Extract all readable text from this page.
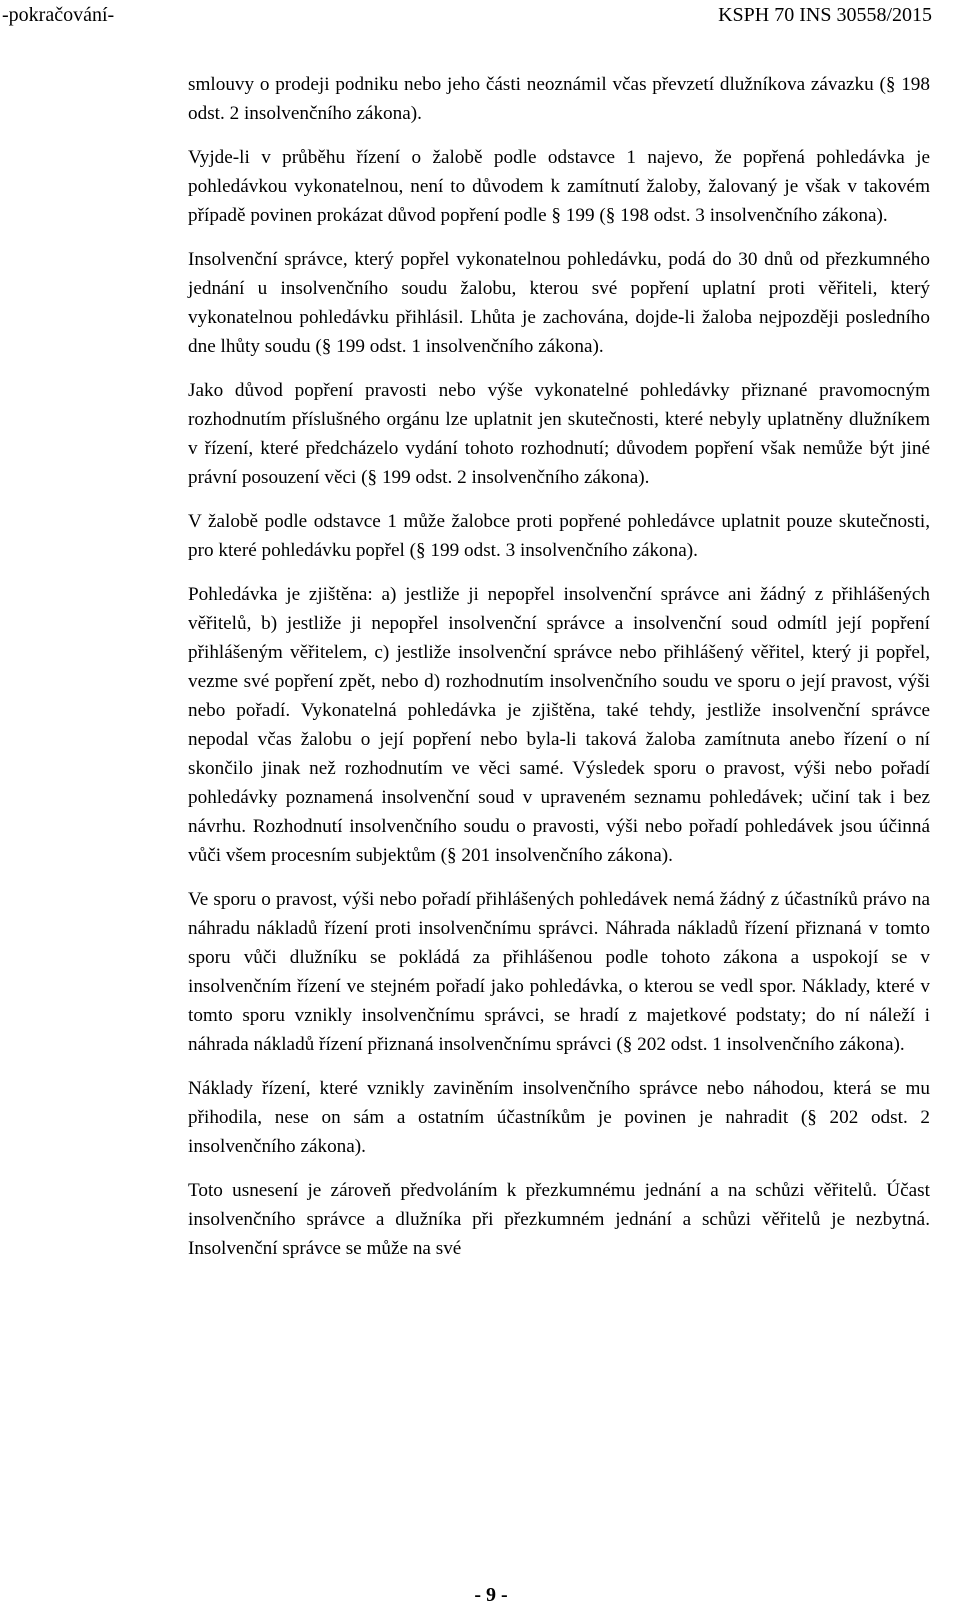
-pokračování-	KSPH 70 INS 30558/2015

smlouvy o prodeji podniku nebo jeho části neoznámil včas převzetí dlužníkova závazku (§ 198 odst. 2 insolvenčního zákona).

Vyjde-li v průběhu řízení o žalobě podle odstavce 1 najevo, že popřená pohledávka je pohledávkou vykonatelnou, není to důvodem k zamítnutí žaloby, žalovaný je však v takovém případě povinen prokázat důvod popření podle § 199 (§ 198 odst. 3 insolvenčního zákona).

Insolvenční správce, který popřel vykonatelnou pohledávku, podá do 30 dnů od přezkumného jednání u insolvenčního soudu žalobu, kterou své popření uplatní proti věřiteli, který vykonatelnou pohledávku přihlásil. Lhůta je zachována, dojde-li žaloba nejpozději posledního dne lhůty soudu (§ 199 odst. 1 insolvenčního zákona).

Jako důvod popření pravosti nebo výše vykonatelné pohledávky přiznané pravomocným rozhodnutím příslušného orgánu lze uplatnit jen skutečnosti, které nebyly uplatněny dlužníkem v řízení, které předcházelo vydání tohoto rozhodnutí; důvodem popření však nemůže být jiné právní posouzení věci (§ 199 odst. 2 insolvenčního zákona).

V žalobě podle odstavce 1 může žalobce proti popřené pohledávce uplatnit pouze skutečnosti, pro které pohledávku popřel (§ 199 odst. 3 insolvenčního zákona).

Pohledávka je zjištěna: a) jestliže ji nepopřel insolvenční správce ani žádný z přihlášených věřitelů, b) jestliže ji nepopřel insolvenční správce a insolvenční soud odmítl její popření přihlášeným věřitelem, c) jestliže insolvenční správce nebo přihlášený věřitel, který ji popřel, vezme své popření zpět, nebo d) rozhodnutím insolvenčního soudu ve sporu o její pravost, výši nebo pořadí. Vykonatelná pohledávka je zjištěna, také tehdy, jestliže insolvenční správce nepodal včas žalobu o její popření nebo byla-li taková žaloba zamítnuta anebo řízení o ní skončilo jinak než rozhodnutím ve věci samé. Výsledek sporu o pravost, výši nebo pořadí pohledávky poznamená insolvenční soud v upraveném seznamu pohledávek; učiní tak i bez návrhu. Rozhodnutí insolvenčního soudu o pravosti, výši nebo pořadí pohledávek jsou účinná vůči všem procesním subjektům (§ 201 insolvenčního zákona).

Ve sporu o pravost, výši nebo pořadí přihlášených pohledávek nemá žádný z účastníků právo na náhradu nákladů řízení proti insolvenčnímu správci. Náhrada nákladů řízení přiznaná v tomto sporu vůči dlužníku se pokládá za přihlášenou podle tohoto zákona a uspokojí se v insolvenčním řízení ve stejném pořadí jako pohledávka, o kterou se vedl spor. Náklady, které v tomto sporu vznikly insolvenčnímu správci, se hradí z majetkové podstaty; do ní náleží i náhrada nákladů řízení přiznaná insolvenčnímu správci (§ 202 odst. 1 insolvenčního zákona).

Náklady řízení, které vznikly zaviněním insolvenčního správce nebo náhodou, která se mu přihodila, nese on sám a ostatním účastníkům je povinen je nahradit (§ 202 odst. 2 insolvenčního zákona).

Toto usnesení je zároveň předvoláním k přezkumnému jednání a na schůzi věřitelů. Účast insolvenčního správce a dlužníka při přezkumném jednání a schůzi věřitelů je nezbytná. Insolvenční správce se může na své

- 9 -
